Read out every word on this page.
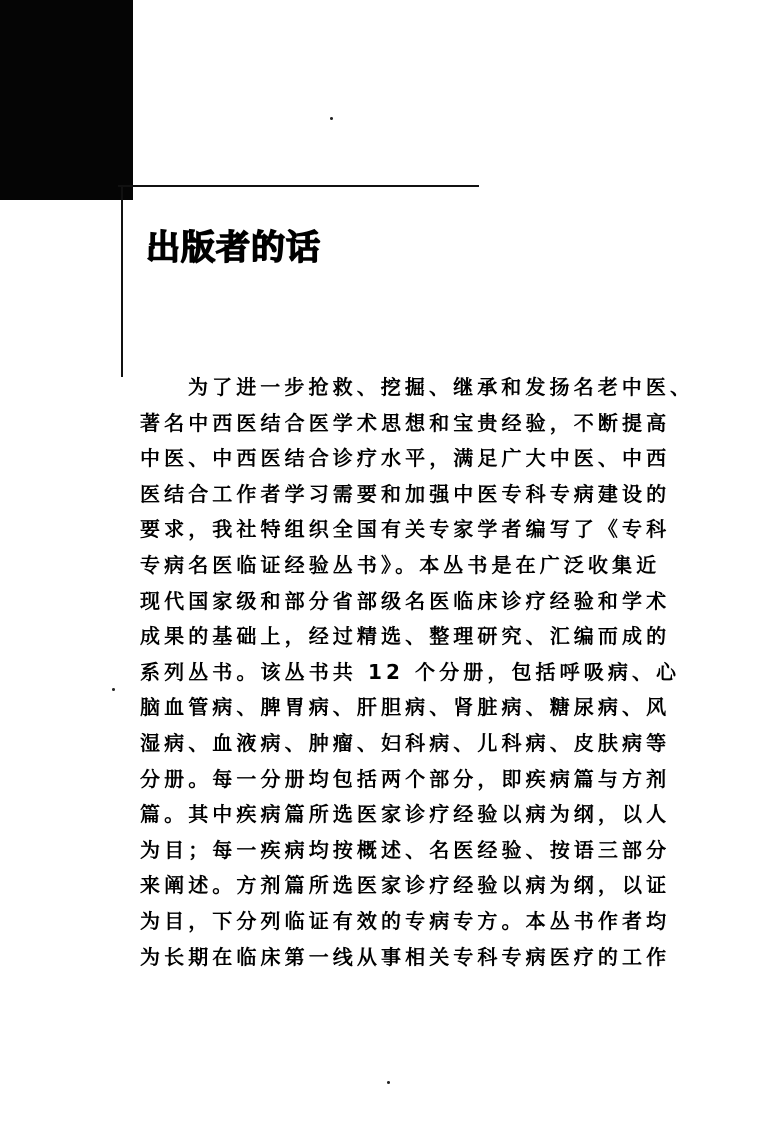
出版者的话
为了进一步抢救、挖掘、继承和发扬名老中医、
著名中西医结合医学术思想和宝贵经验，不断提高
中医、中西医结合诊疗水平，满足广大中医、中西
医结合工作者学习需要和加强中医专科专病建设的
要求，我社特组织全国有关专家学者编写了《专科
专病名医临证经验丛书》。本丛书是在广泛收集近
现代国家级和部分省部级名医临床诊疗经验和学术
成果的基础上，经过精选、整理研究、汇编而成的
系列丛书。该丛书共 12 个分册，包括呼吸病、心
脑血管病、脾胃病、肝胆病、肾脏病、糖尿病、风
湿病、血液病、肿瘤、妇科病、儿科病、皮肤病等
分册。每一分册均包括两个部分，即疾病篇与方剂
篇。其中疾病篇所选医家诊疗经验以病为纲，以人
为目；每一疾病均按概述、名医经验、按语三部分
来阐述。方剂篇所选医家诊疗经验以病为纲，以证
为目，下分列临证有效的专病专方。本丛书作者均
为长期在临床第一线从事相关专科专病医疗的工作
